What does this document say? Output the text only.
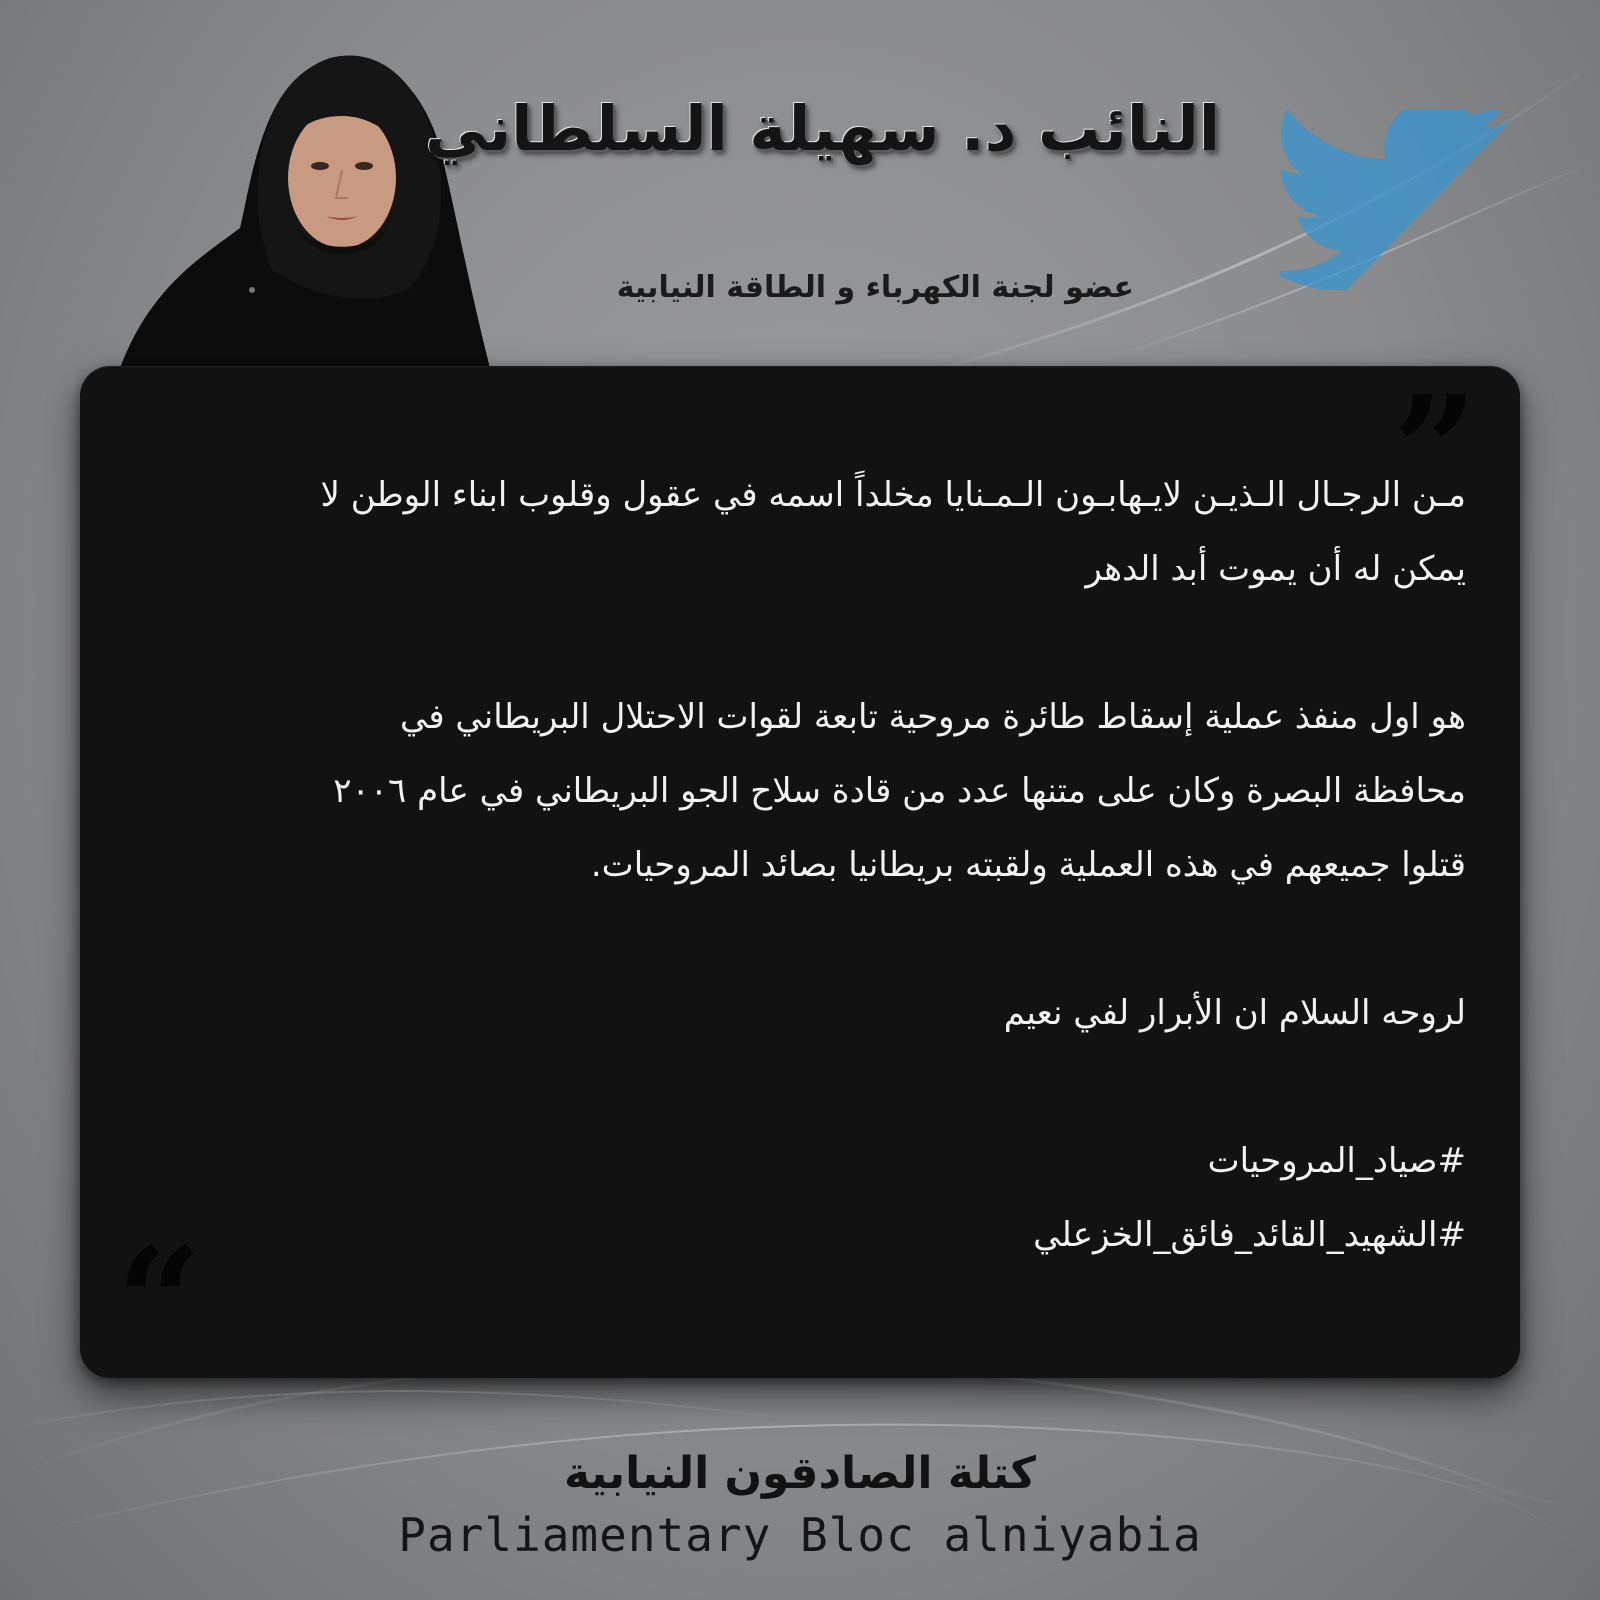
النائب د. سهيلة السلطاني
عضو لجنة الكهرباء و الطاقة النيابية
”

مـن الرجـال الـذيـن لايـهابـون الـمـنايا مخلداً اسمه في عقول وقلوب ابناء الوطن لا

يمكن له أن يموت أبد الدهر

هو اول منفذ عملية إسقاط طائرة مروحية تابعة لقوات الاحتلال البريطاني في

محافظة البصرة وكان على متنها عدد من قادة سلاح الجو البريطاني في عام ٢٠٠٦

قتلوا جميعهم في هذه العملية ولقبته بريطانيا بصائد المروحيات.

لروحه السلام ان الأبرار لفي نعيم

#صياد_المروحيات

#الشهيد_القائد_فائق_الخزعلي

“
كتلة الصادقون النيابية
Parliamentary Bloc alniyabia
